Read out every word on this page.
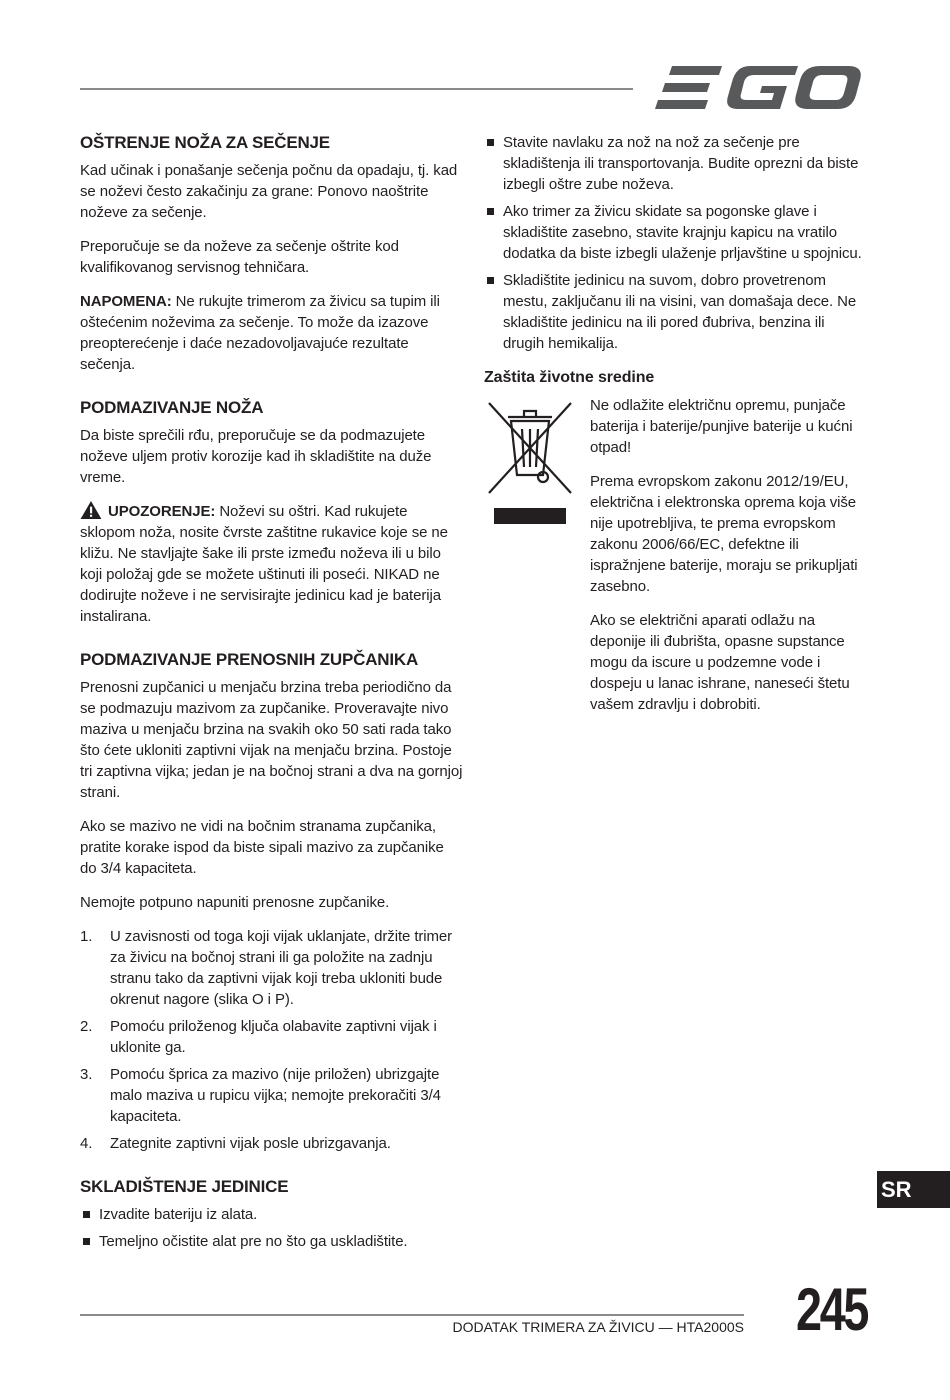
OŠTRENJE NOŽA ZA SEČENJE

Kad učinak i ponašanje sečenja počnu da opadaju, tj. kad se noževi često zakačinju za grane: Ponovo naoštrite noževe za sečenje.

Preporučuje se da noževe za sečenje oštrite kod kvalifikovanog servisnog tehničara.

NAPOMENA: Ne rukujte trimerom za živicu sa tupim ili oštećenim noževima za sečenje. To može da izazove preopterećenje i daće nezadovoljavajuće rezultate sečenja.

PODMAZIVANJE NOŽA

Da biste sprečili rđu, preporučuje se da podmazujete noževe uljem protiv korozije kad ih skladištite na duže vreme.

UPOZORENJE: Noževi su oštri. Kad rukujete sklopom noža, nosite čvrste zaštitne rukavice koje se ne kližu. Ne stavljajte šake ili prste između noževa ili u bilo koji položaj gde se možete uštinuti ili poseći. NIKAD ne dodirujte noževe i ne servisirajte jedinicu kad je baterija instalirana.

PODMAZIVANJE PRENOSNIH ZUPČANIKA

Prenosni zupčanici u menjaču brzina treba periodično da se podmazuju mazivom za zupčanike. Proveravajte nivo maziva u menjaču brzina na svakih oko 50 sati rada tako što ćete ukloniti zaptivni vijak na menjaču brzina. Postoje tri zaptivna vijka; jedan je na bočnoj strani a dva na gornjoj strani.

Ako se mazivo ne vidi na bočnim stranama zupčanika, pratite korake ispod da biste sipali mazivo za zupčanike do 3/4 kapaciteta.

Nemojte potpuno napuniti prenosne zupčanike.

1. U zavisnosti od toga koji vijak uklanjate, držite trimer za živicu na bočnoj strani ili ga položite na zadnju stranu tako da zaptivni vijak koji treba ukloniti bude okrenut nagore (slika O i P).
2. Pomoću priloženog ključa olabavite zaptivni vijak i uklonite ga.
3. Pomoću šprica za mazivo (nije priložen) ubrizgajte malo maziva u rupicu vijka; nemojte prekoračiti 3/4 kapaciteta.
4. Zategnite zaptivni vijak posle ubrizgavanja.
SKLADIŠTENJE JEDINICE
Izvadite bateriju iz alata.
Temeljno očistite alat pre no što ga uskladištite.
Stavite navlaku za nož na nož za sečenje pre skladištenja ili transportovanja. Budite oprezni da biste izbegli oštre zube noževa.
Ako trimer za živicu skidate sa pogonske glave i skladištite zasebno, stavite krajnju kapicu na vratilo dodatka da biste izbegli ulaženje prljavštine u spojnicu.
Skladištite jedinicu na suvom, dobro provetrenom mestu, zaključanu ili na visini, van domašaja dece. Ne skladištite jedinicu na ili pored đubriva, benzina ili drugih hemikalija.
Zaštita životne sredine

Ne odlažite električnu opremu, punjače baterija i baterije/punjive baterije u kućni otpad!

Prema evropskom zakonu 2012/19/EU, električna i elektronska oprema koja više nije upotrebljiva, te prema evropskom zakonu 2006/66/EC, defektne ili ispražnjene baterije, moraju se prikupljati zasebno.

Ako se električni aparati odlažu na deponije ili đubrišta, opasne supstance mogu da iscure u podzemne vode i dospeju u lanac ishrane, naneseći štetu vašem zdravlju i dobrobiti.

SR
DODATAK TRIMERA ZA ŽIVICU — HTA2000S 245
